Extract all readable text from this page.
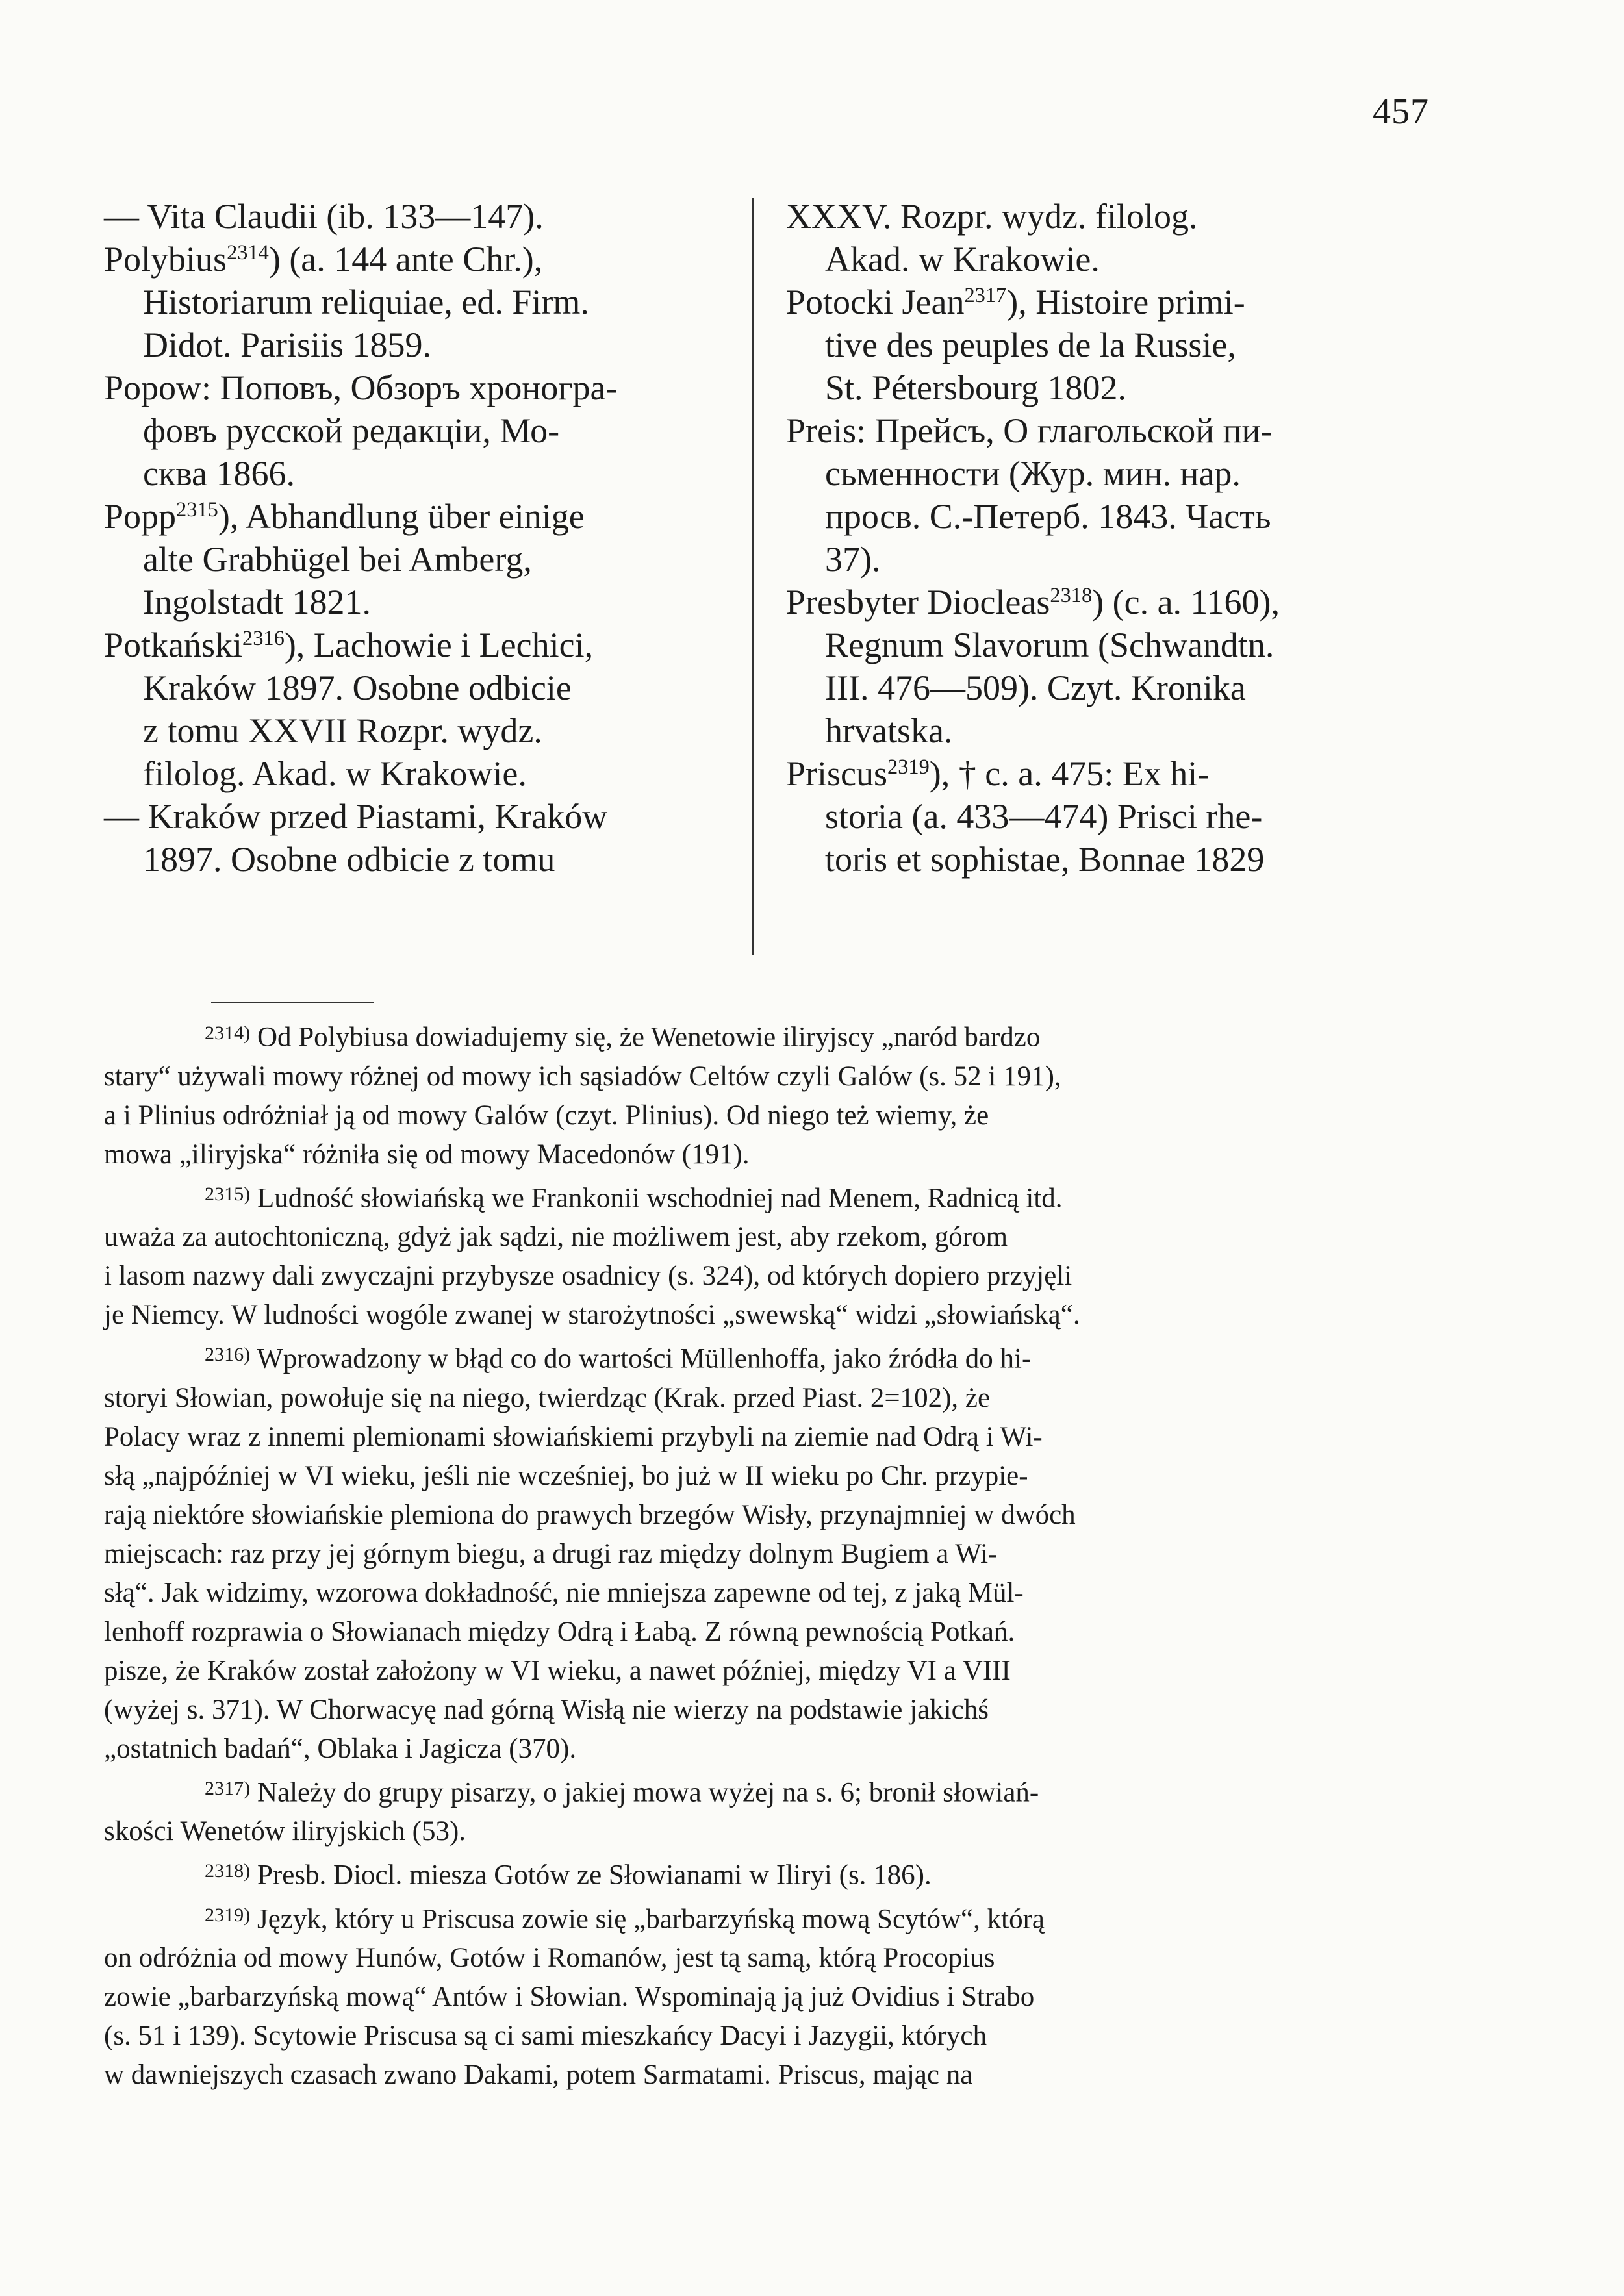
457
— Vita Claudii (ib. 133—147).
Polybius$^{2314}$) (a. 144 ante Chr.),
Historiarum reliquiae, ed. Firm.
Didot. Parisiis 1859.
Popow: Поповъ, Обзоръ хроногра-
фовъ русской редакціи, Мо-
сква 1866.
Popp$^{2315}$), Abhandlung über einige
alte Grabhügel bei Amberg,
Ingolstadt 1821.
Potkański$^{2316}$), Lachowie i Lechici,
Kraków 1897. Osobne odbicie
z tomu XXVII Rozpr. wydz.
filolog. Akad. w Krakowie.
— Kraków przed Piastami, Kraków
1897. Osobne odbicie z tomu
XXXV. Rozpr. wydz. filolog.
Akad. w Krakowie.
Potocki Jean$^{2317}$), Histoire primi-
tive des peuples de la Russie,
St. Pétersbourg 1802.
Preis: Прейсъ, О глагольской пи-
сьменности (Жур. мин. нар.
просв. С.-Петерб. 1843. Часть
37).
Presbyter Diocleas$^{2318}$) (c. a. 1160),
Regnum Slavorum (Schwandtn.
III. 476—509). Czyt. Kronika
hrvatska.
Priscus$^{2319}$), † c. a. 475: Ex hi-
storia (a. 433—474) Prisci rhe-
toris et sophistae, Bonnae 1829
$^{2314)}$ Od Polybiusa dowiadujemy się, że Wenetowie iliryjscy „naród bardzo
stary“ używali mowy różnej od mowy ich sąsiadów Celtów czyli Galów (s. 52 i 191),
a i Plinius odróżniał ją od mowy Galów (czyt. Plinius). Od niego też wiemy, że
mowa „iliryjska“ różniła się od mowy Macedonów (191).
$^{2315)}$ Ludność słowiańską we Frankonii wschodniej nad Menem, Radnicą itd.
uważa za autochtoniczną, gdyż jak sądzi, nie możliwem jest, aby rzekom, górom
i lasom nazwy dali zwyczajni przybysze osadnicy (s. 324), od których dopiero przyjęli
je Niemcy. W ludności wogóle zwanej w starożytności „swewską“ widzi „słowiańską“.
$^{2316)}$ Wprowadzony w błąd co do wartości Müllenhoffa, jako źródła do hi-
storyi Słowian, powołuje się na niego, twierdząc (Krak. przed Piast. 2=102), że
Polacy wraz z innemi plemionami słowiańskiemi przybyli na ziemie nad Odrą i Wi-
słą „najpóźniej w VI wieku, jeśli nie wcześniej, bo już w II wieku po Chr. przypie-
rają niektóre słowiańskie plemiona do prawych brzegów Wisły, przynajmniej w dwóch
miejscach: raz przy jej górnym biegu, a drugi raz między dolnym Bugiem a Wi-
słą“. Jak widzimy, wzorowa dokładność, nie mniejsza zapewne od tej, z jaką Mül-
lenhoff rozprawia o Słowianach między Odrą i Łabą. Z równą pewnością Potkań.
pisze, że Kraków został założony w VI wieku, a nawet później, między VI a VIII
(wyżej s. 371). W Chorwacyę nad górną Wisłą nie wierzy na podstawie jakichś
„ostatnich badań“, Oblaka i Jagicza (370).
$^{2317)}$ Należy do grupy pisarzy, o jakiej mowa wyżej na s. 6; bronił słowiań-
skości Wenetów iliryjskich (53).
$^{2318)}$ Presb. Diocl. miesza Gotów ze Słowianami w Iliryi (s. 186).
$^{2319)}$ Język, który u Priscusa zowie się „barbarzyńską mową Scytów“, którą
on odróżnia od mowy Hunów, Gotów i Romanów, jest tą samą, którą Procopius
zowie „barbarzyńską mową“ Antów i Słowian. Wspominają ją już Ovidius i Strabo
(s. 51 i 139). Scytowie Priscusa są ci sami mieszkańcy Dacyi i Jazygii, których
w dawniejszych czasach zwano Dakami, potem Sarmatami. Priscus, mając na
